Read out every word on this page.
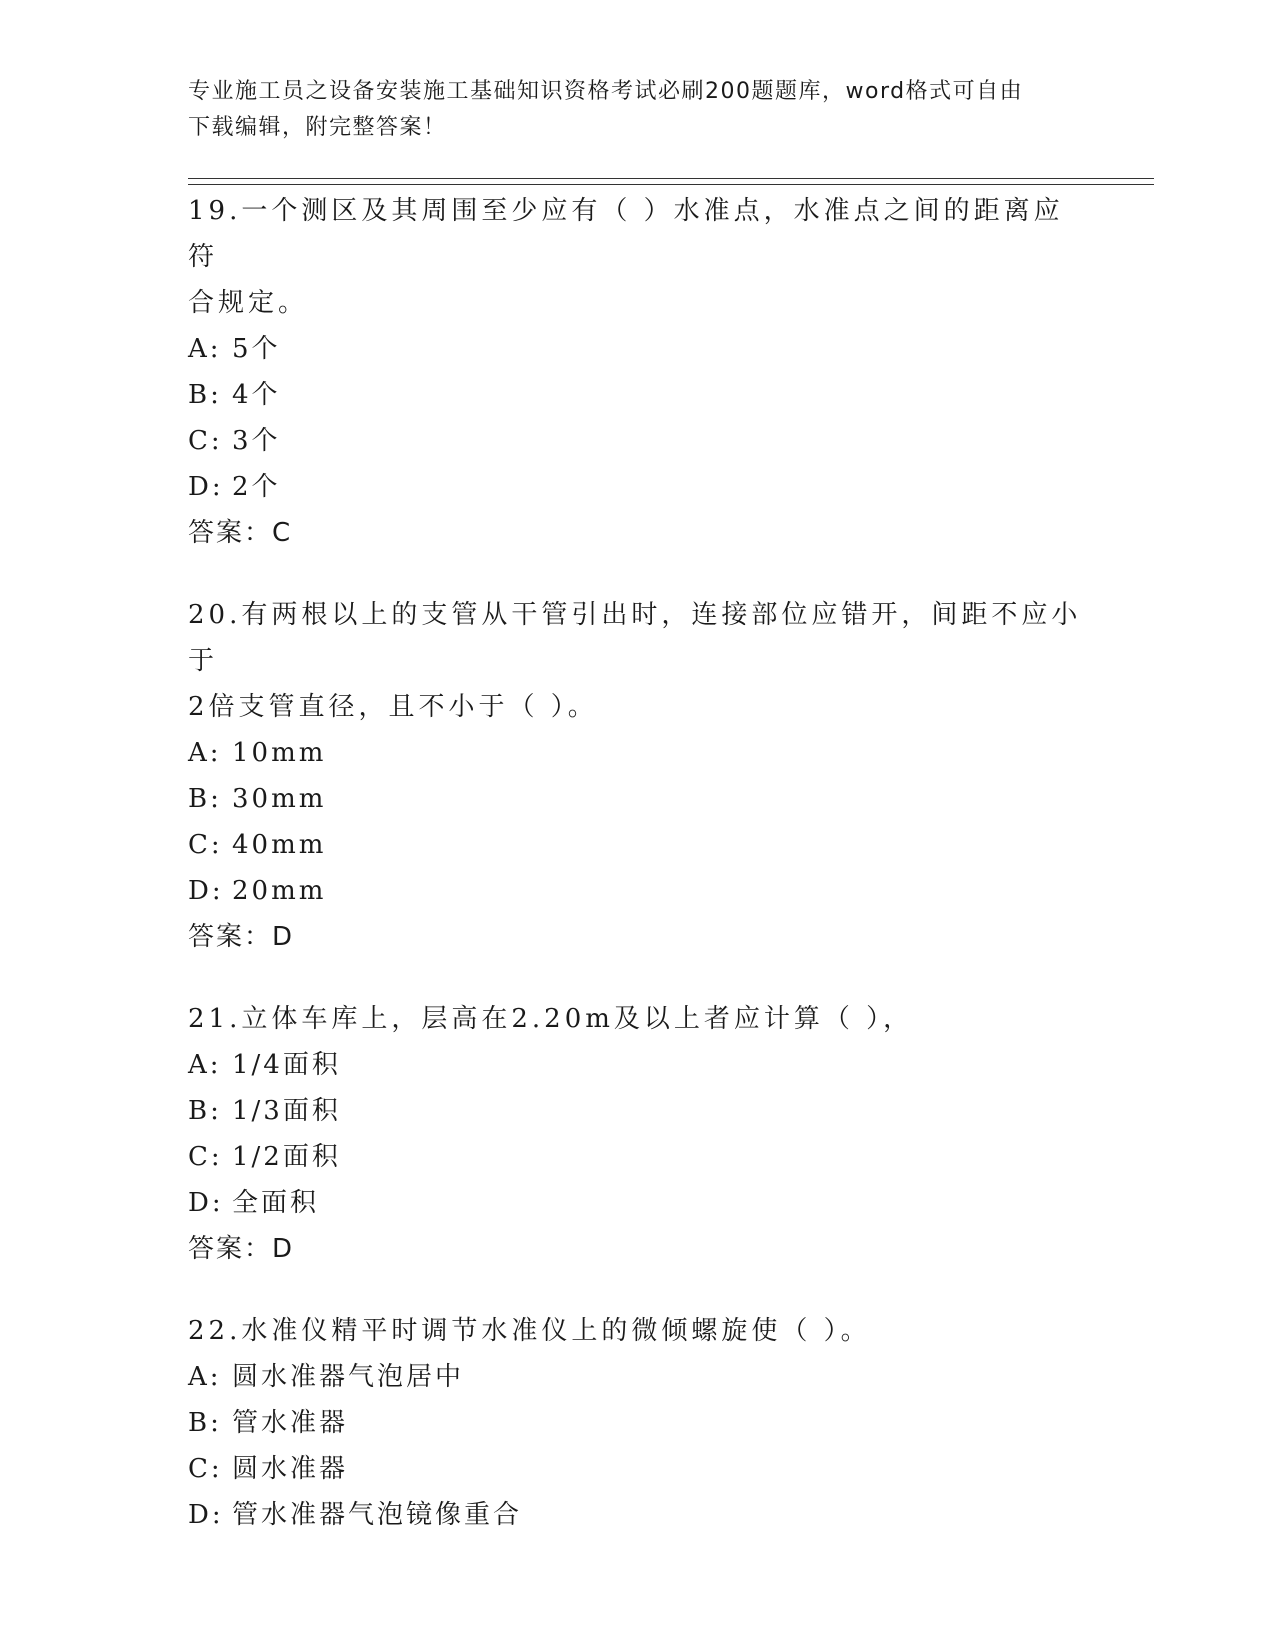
专业施工员之设备安装施工基础知识资格考试必刷200题题库，word格式可自由
下载编辑，附完整答案！

19.一个测区及其周围至少应有（ ）水准点，水准点之间的距离应符

合规定。

A: 5个

B: 4个

C: 3个

D: 2个

答案：C

20.有两根以上的支管从干管引出时，连接部位应错开，间距不应小于

2倍支管直径，且不小于（ ）。

A: 10mm

B: 30mm

C: 40mm

D: 20mm

答案：D

21.立体车库上，层高在2.20m及以上者应计算（ ），

A: 1/4面积

B: 1/3面积

C: 1/2面积

D: 全面积

答案：D

22.水准仪精平时调节水准仪上的微倾螺旋使（ ）。

A: 圆水准器气泡居中

B: 管水准器

C: 圆水准器

D: 管水准器气泡镜像重合
